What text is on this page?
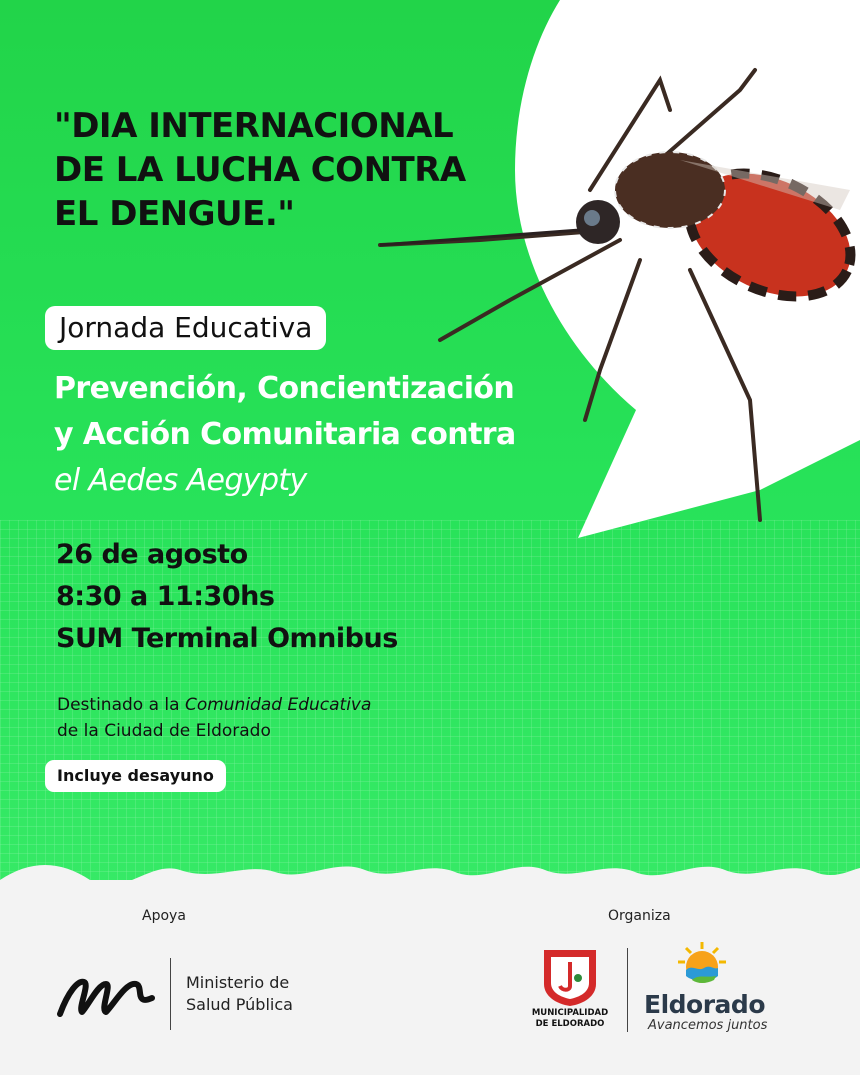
"DIA INTERNACIONAL
DE LA LUCHA CONTRA
EL DENGUE."
Jornada Educativa
Prevención, Concientización
y Acción Comunitaria contra
el Aedes Aegypty
26 de agosto
8:30 a 11:30hs
SUM Terminal Omnibus
Destinado a la Comunidad Educativa
de la Ciudad de Eldorado
Incluye desayuno
Apoya	Organiza
Ministerio de
Salud Pública	MUNICIPALIDAD
DE ELDORADO
Eldorado
Avancemos juntos
